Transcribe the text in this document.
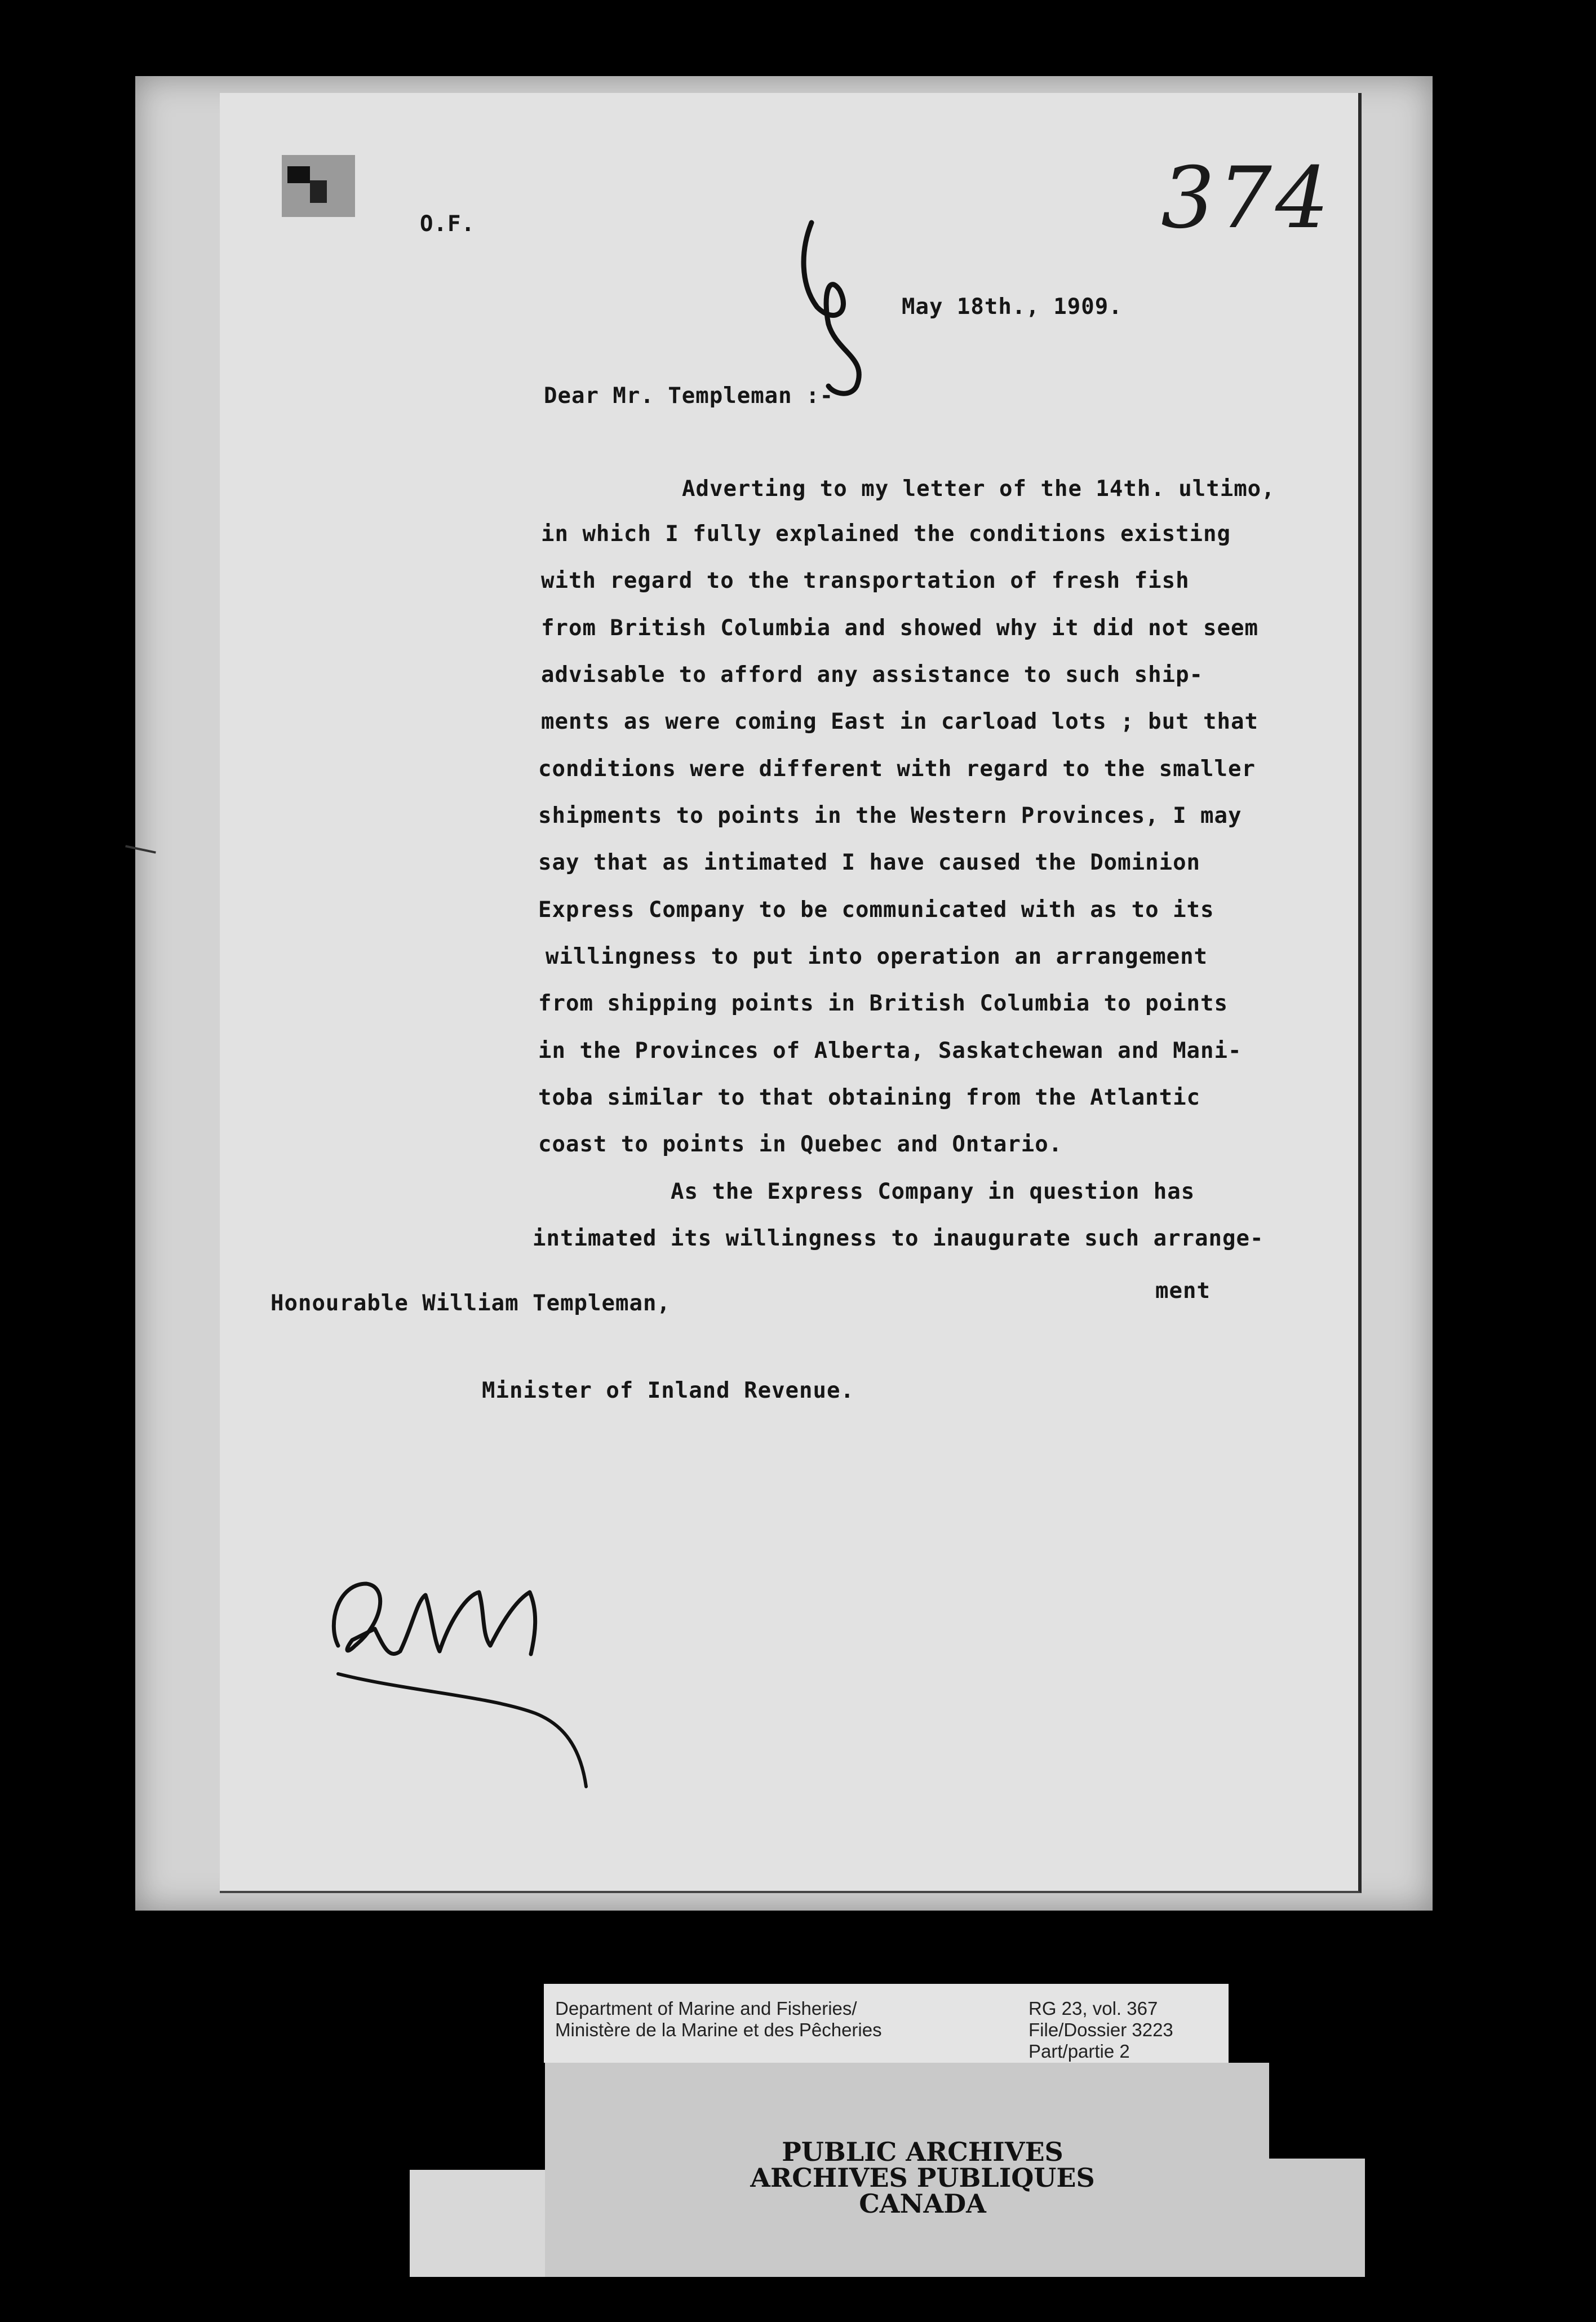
374
O.F.
May 18th., 1909.
Dear Mr. Templeman :-
Adverting to my letter of the 14th. ultimo,
in which I fully explained the conditions existing
with regard to the transportation of fresh fish
from British Columbia and showed why it did not seem
advisable to afford any assistance to such ship-
ments as were coming East in carload lots ; but that
conditions were different with regard to the smaller
shipments to points in the Western Provinces, I may
say that as intimated I have caused the Dominion
Express Company to be communicated with as to its
willingness to put into operation an arrangement
from shipping points in British Columbia to points
in the Provinces of Alberta, Saskatchewan and Mani-
toba similar to that obtaining from the Atlantic
coast to points in Quebec and Ontario.
As the Express Company in question has
intimated its willingness to inaugurate such arrange-
ment
Honourable William Templeman,
Minister of Inland Revenue.
Department of Marine and Fisheries/
Ministère de la Marine et des Pêcheries
RG 23, vol. 367
File/Dossier 3223
Part/partie 2
PUBLIC ARCHIVES
ARCHIVES PUBLIQUES
CANADA
